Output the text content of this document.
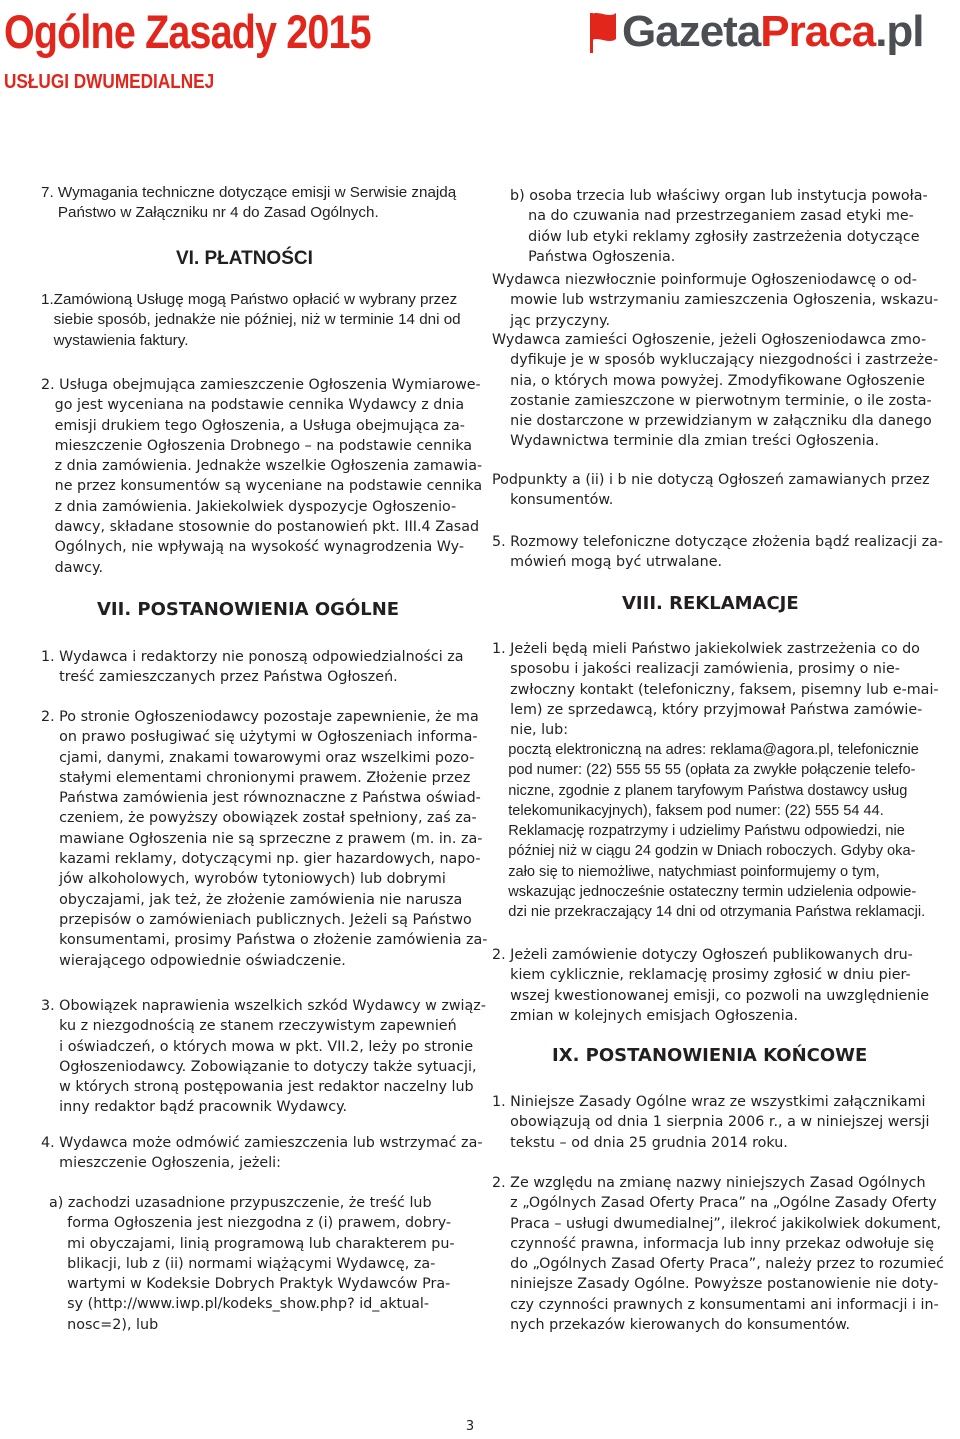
Ogólne Zasady 2015
USŁUGI DWUMEDIALNEJ
GazetaPraca.pl

7. Wymagania techniczne dotyczące emisji w Serwisie znajdą
Państwo w Załączniku nr 4 do Zasad Ogólnych.

VI. PŁATNOŚCI

1.Zamówioną Usługę mogą Państwo opłacić w wybrany przez
siebie sposób, jednakże nie później, niż w terminie 14 dni od
wystawienia faktury.

2. Usługa obejmująca zamieszczenie Ogłoszenia Wymiarowe-
go jest wyceniana na podstawie cennika Wydawcy z dnia
emisji drukiem tego Ogłoszenia, a Usługa obejmująca za-
mieszczenie Ogłoszenia Drobnego – na podstawie cennika
z dnia zamówienia. Jednakże wszelkie Ogłoszenia zamawia-
ne przez konsumentów są wyceniane na podstawie cennika
z dnia zamówienia. Jakiekolwiek dyspozycje Ogłoszenio-
dawcy, składane stosownie do postanowień pkt. III.4 Zasad
Ogólnych, nie wpływają na wysokość wynagrodzenia Wy-
dawcy.

VII. POSTANOWIENIA OGÓLNE

1. Wydawca i redaktorzy nie ponoszą odpowiedzialności za
treść zamieszczanych przez Państwa Ogłoszeń.

2. Po stronie Ogłoszeniodawcy pozostaje zapewnienie, że ma
on prawo posługiwać się użytymi w Ogłoszeniach informa-
cjami, danymi, znakami towarowymi oraz wszelkimi pozo-
stałymi elementami chronionymi prawem. Złożenie przez
Państwa zamówienia jest równoznaczne z Państwa oświad-
czeniem, że powyższy obowiązek został spełniony, zaś za-
mawiane Ogłoszenia nie są sprzeczne z prawem (m. in. za-
kazami reklamy, dotyczącymi np. gier hazardowych, napo-
jów alkoholowych, wyrobów tytoniowych) lub dobrymi
obyczajami, jak też, że złożenie zamówienia nie narusza
przepisów o zamówieniach publicznych. Jeżeli są Państwo
konsumentami, prosimy Państwa o złożenie zamówienia za-
wierającego odpowiednie oświadczenie.

3. Obowiązek naprawienia wszelkich szkód Wydawcy w związ-
ku z niezgodnością ze stanem rzeczywistym zapewnień
i oświadczeń, o których mowa w pkt. VII.2, leży po stronie
Ogłoszeniodawcy. Zobowiązanie to dotyczy także sytuacji,
w których stroną postępowania jest redaktor naczelny lub
inny redaktor bądź pracownik Wydawcy.

4. Wydawca może odmówić zamieszczenia lub wstrzymać za-
mieszczenie Ogłoszenia, jeżeli:

a) zachodzi uzasadnione przypuszczenie, że treść lub
forma Ogłoszenia jest niezgodna z (i) prawem, dobry-
mi obyczajami, linią programową lub charakterem pu-
blikacji, lub z (ii) normami wiążącymi Wydawcę, za-
wartymi w Kodeksie Dobrych Praktyk Wydawców Pra-
sy (http://www.iwp.pl/kodeks_show.php? id_aktual-
nosc=2), lub

b) osoba trzecia lub właściwy organ lub instytucja powoła-
na do czuwania nad przestrzeganiem zasad etyki me-
diów lub etyki reklamy zgłosiły zastrzeżenia dotyczące
Państwa Ogłoszenia.

Wydawca niezwłocznie poinformuje Ogłoszeniodawcę o od-
mowie lub wstrzymaniu zamieszczenia Ogłoszenia, wskazu-
jąc przyczyny.

Wydawca zamieści Ogłoszenie, jeżeli Ogłoszeniodawca zmo-
dyfikuje je w sposób wykluczający niezgodności i zastrzeże-
nia, o których mowa powyżej. Zmodyfikowane Ogłoszenie
zostanie zamieszczone w pierwotnym terminie, o ile zosta-
nie dostarczone w przewidzianym w załączniku dla danego
Wydawnictwa terminie dla zmian treści Ogłoszenia.

Podpunkty a (ii) i b nie dotyczą Ogłoszeń zamawianych przez
konsumentów.

5. Rozmowy telefoniczne dotyczące złożenia bądź realizacji za-
mówień mogą być utrwalane.

VIII. REKLAMACJE

1. Jeżeli będą mieli Państwo jakiekolwiek zastrzeżenia co do
sposobu i jakości realizacji zamówienia, prosimy o nie-
zwłoczny kontakt (telefoniczny, faksem, pisemny lub e-mai-
lem) ze sprzedawcą, który przyjmował Państwa zamówie-
nie, lub:

pocztą elektroniczną na adres: reklama@agora.pl, telefonicznie
pod numer: (22) 555 55 55 (opłata za zwykłe połączenie telefo-
niczne, zgodnie z planem taryfowym Państwa dostawcy usług
telekomunikacyjnych), faksem pod numer: (22) 555 54 44.
Reklamację rozpatrzymy i udzielimy Państwu odpowiedzi, nie
później niż w ciągu 24 godzin w Dniach roboczych. Gdyby oka-
zało się to niemożliwe, natychmiast poinformujemy o tym,
wskazując jednocześnie ostateczny termin udzielenia odpowie-
dzi nie przekraczający 14 dni od otrzymania Państwa reklamacji.

2. Jeżeli zamówienie dotyczy Ogłoszeń publikowanych dru-
kiem cyklicznie, reklamację prosimy zgłosić w dniu pier-
wszej kwestionowanej emisji, co pozwoli na uwzględnienie
zmian w kolejnych emisjach Ogłoszenia.

IX. POSTANOWIENIA KOŃCOWE

1. Niniejsze Zasady Ogólne wraz ze wszystkimi załącznikami
obowiązują od dnia 1 sierpnia 2006 r., a w niniejszej wersji
tekstu – od dnia 25 grudnia 2014 roku.

2. Ze względu na zmianę nazwy niniejszych Zasad Ogólnych
z „Ogólnych Zasad Oferty Praca” na „Ogólne Zasady Oferty
Praca – usługi dwumedialnej”, ilekroć jakikolwiek dokument,
czynność prawna, informacja lub inny przekaz odwołuje się
do „Ogólnych Zasad Oferty Praca”, należy przez to rozumieć
niniejsze Zasady Ogólne. Powyższe postanowienie nie doty-
czy czynności prawnych z konsumentami ani informacji i in-
nych przekazów kierowanych do konsumentów.

3
